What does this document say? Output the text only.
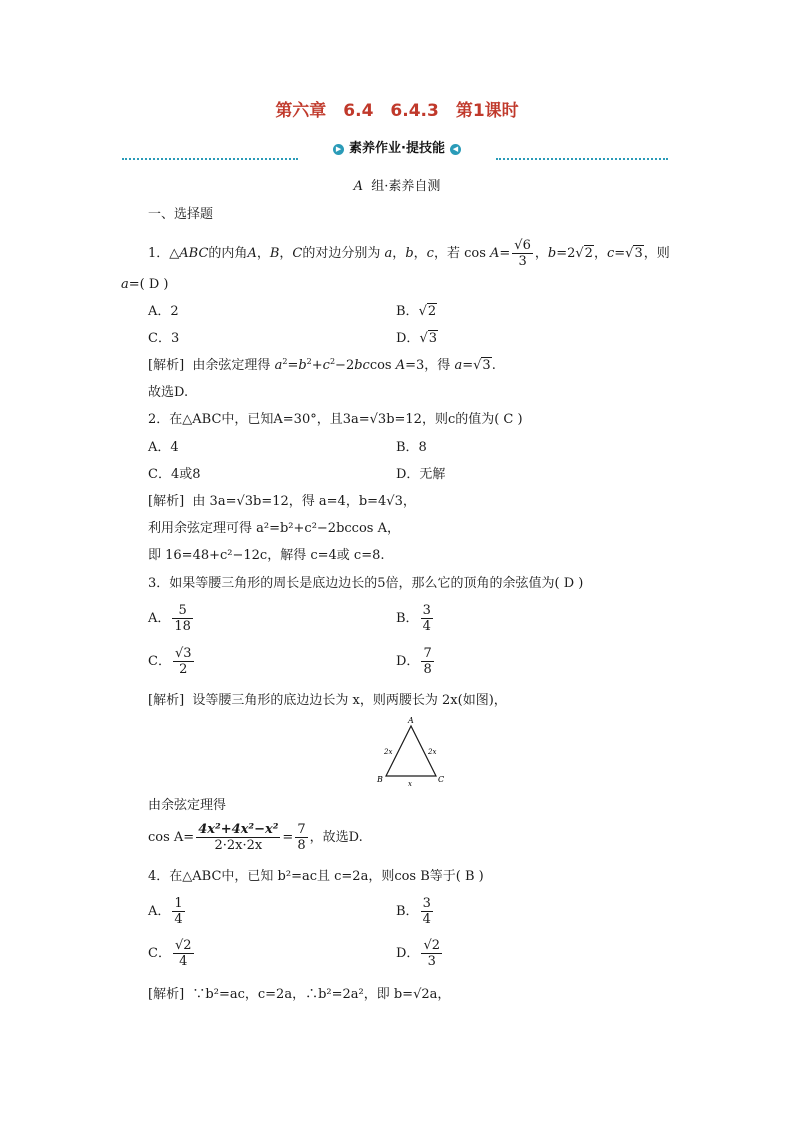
第六章　6.4　6.4.3　第1课时
▶ 素养作业·提技能 ◀
A 组·素养自测
一、选择题
1．△ABC的内角A，B，C的对边分别为 a，b，c，若 $\cos A= \frac{√6}{3}$ ，b=2√2，c=√3，则
a=( D )
A．2	B．√2
C．3	D．√3
[解析] 由余弦定理得 $a^2=b^2+c^2-2bccos$ A=3，得 a=√3.
故选D.
2．在△ABC中，已知A=30°，且3a=√3b=12，则c的值为( C )
A．4	B．8
C．4或8	D．无解
[解析] 由 3a=√3b=12，得 a=4，b=4√3，
利用余弦定理可得 a²=b²+c²−2bccos A，
即 16=48+c²−12c，解得 c=4或 c=8.
3．如果等腰三角形的周长是底边边长的5倍，那么它的顶角的余弦值为( D )
A． $\frac{5}{18}$	B． $\frac{3}{4}$
C． $\frac{√3}{2}$	D． $\frac{7}{8}$
[解析] 设等腰三角形的底边边长为 x，则两腰长为 2x(如图)，
A
B	C
2x	2x
x
由余弦定理得
$\cos A= \frac{\text{4x²+4x²−x²}}{2\cdot 2x\cdot 2x} = \frac{7}{8}$ ，故选D.
4．在△ABC中，已知 b²=ac且 c=2a，则cos B等于( B )
A． $\frac{1}{4}$	B． $\frac{3}{4}$
C． $\frac{√2}{4}$	D． $\frac{√2}{3}$
[解析] ∵b²=ac，c=2a，∴b²=2a²，即 b=√2a，
